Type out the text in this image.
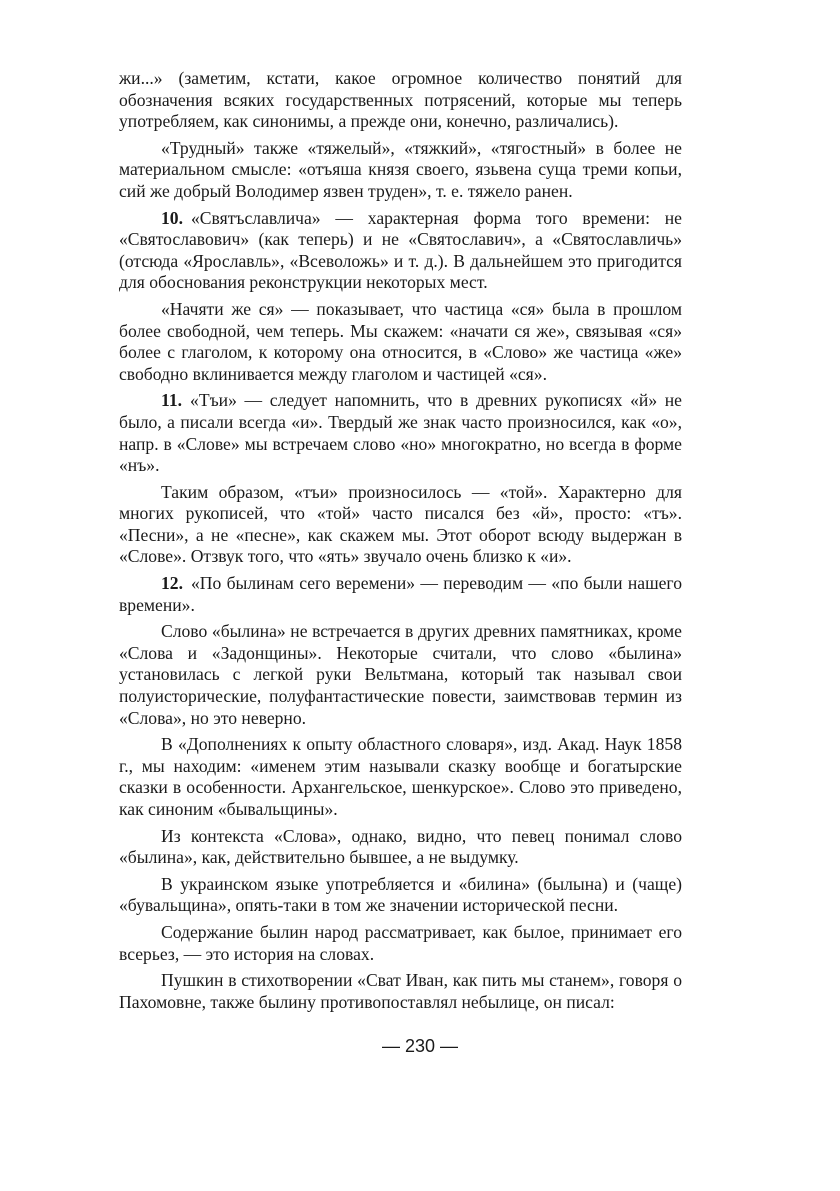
жи...» (заметим, кстати, какое огромное количество понятий для обозначения всяких государственных потрясений, которые мы теперь употребляем, как синонимы, а прежде они, конечно, различались).

«Трудный» также «тяжелый», «тяжкий», «тягостный» в более не материальном смысле: «отъяша князя своего, язьвена суща треми копьи, сий же добрый Володимер язвен труден», т. е. тяжело ранен.

10. «Святъславлича» — характерная форма того времени: не «Святославович» (как теперь) и не «Святославич», а «Святославличь» (отсюда «Ярославль», «Всеволожь» и т. д.). В дальнейшем это пригодится для обоснования реконструкции некоторых мест.

«Начяти же ся» — показывает, что частица «ся» была в прошлом более свободной, чем теперь. Мы скажем: «начати ся жe», связывая «ся» более с глаголом, к которому она относится, в «Слово» же частица «же» свободно вклинивается между глаголом и частицей «ся».

11. «Тъи» — следует напомнить, что в древних рукописях «й» не было, а писали всегда «и». Твердый же знак часто произносился, как «о», напр. в «Слове» мы встречаем слово «но» многократно, но всегда в форме «нъ».

Таким образом, «тъи» произносилось — «той». Характерно для многих рукописей, что «той» часто писался без «й», просто: «тъ». «Песни», а не «песне», как скажем мы. Этот оборот всюду выдержан в «Слове». Отзвук того, что «ять» звучало очень близко к «и».

12. «По былинам сего веремени» — переводим — «по были нашего времени».

Слово «былина» не встречается в других древних памятниках, кроме «Слова и «Задонщины». Некоторые считали, что слово «былина» установилась с легкой руки Вельтмана, который так называл свои полуисторические, полуфантастические повести, заимствовав термин из «Слова», но это неверно.

В «Дополнениях к опыту областного словаря», изд. Акад. Наук 1858 г., мы находим: «именем этим называли сказку вообще и богатырские сказки в особенности. Архангельское, шенкурское». Слово это приведено, как синоним «бывальщины».

Из контекста «Слова», однако, видно, что певец понимал слово «былина», как, действительно бывшее, а не выдумку.

В украинском языке употребляется и «билина» (былына) и (чаще) «бувальщина», опять-таки в том же значении исторической песни.

Содержание былин народ рассматривает, как былое, принимает его всерьез, — это история на словах.

Пушкин в стихотворении «Сват Иван, как пить мы станем», говоря о Пахомовне, также былину противопоставлял небылице, он писал:

— 230 —
